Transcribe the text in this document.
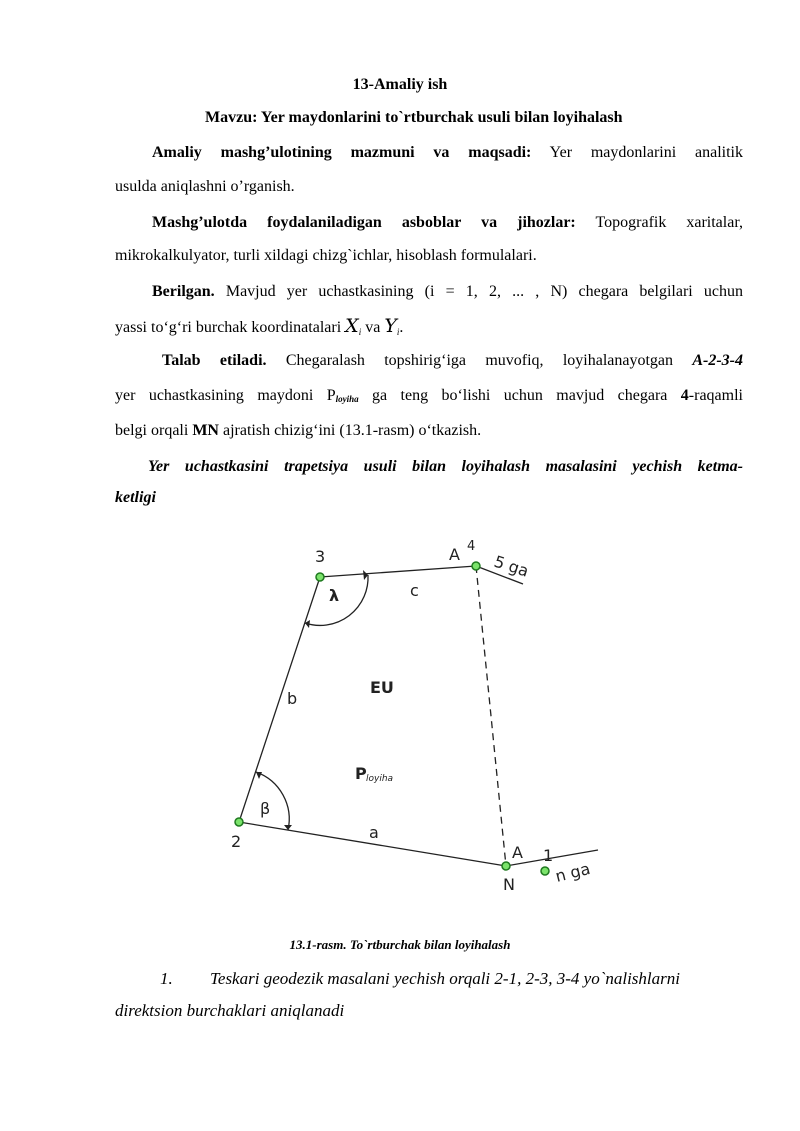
13-Amaliy ish
Mavzu: Yer maydonlarini to`rtburchak usuli bilan loyihalash
Amaliy mashg’ulotining mazmuni va maqsadi: Yer maydonlarini analitik
usulda aniqlashni o’rganish.
Mashg’ulotda foydalaniladigan asboblar va jihozlar: Topografik xaritalar,
mikrokalkulyator, turli xildagi chizg`ichlar, hisoblash formulalari.
Berilgan. Mavjud yer uchastkasining (i = 1, 2, ... , N) chegara belgilari uchun
yassi to‘g‘ri burchak koordinatalari Xi va Yi.
Talab etiladi. Chegaralash topshirig‘iga muvofiq, loyihalanayotgan A-2-3-4
yer uchastkasining maydoni $P_{loyiha}$ ga teng bo‘lishi uchun mavjud chegara 4-raqamli
belgi orqali MN ajratish chizig‘ini (13.1-rasm) o‘tkazish.
Yer uchastkasini trapetsiya usuli bilan loyihalash masalasini yechish ketma-
ketligi
3	A 4
5 ga
c
λ
EU
b
P loyiha
β
2	a
A
N
1
n ga
13.1-rasm. To`rtburchak bilan loyihalash
1. Teskari geodezik masalani yechish orqali 2-1, 2-3, 3-4 yo`nalishlarni
direktsion burchaklari aniqlanadi
